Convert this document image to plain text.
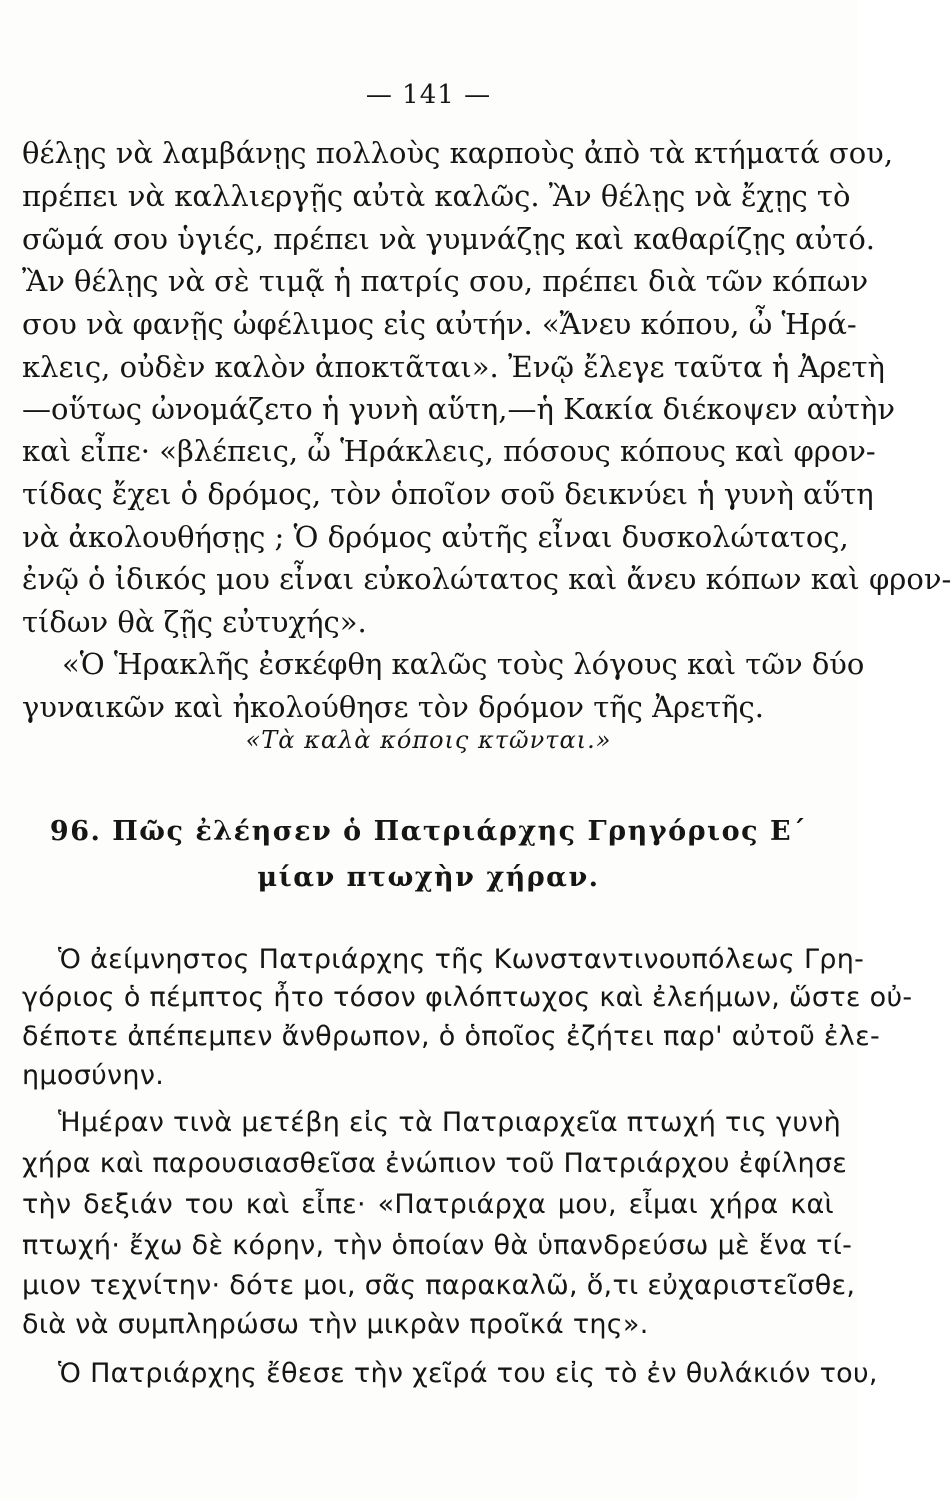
— 141 —
θέλῃς νὰ λαμβάνῃς πολλοὺς καρποὺς ἀπὸ τὰ κτήματά σου,
πρέπει νὰ καλλιεργῇς αὐτὰ καλῶς. Ἂν θέλῃς νὰ ἔχῃς τὸ
σῶμά σου ὑγιές, πρέπει νὰ γυμνάζῃς καὶ καθαρίζῃς αὐτό.
Ἂν θέλῃς νὰ σὲ τιμᾷ ἡ πατρίς σου, πρέπει διὰ τῶν κόπων
σου νὰ φανῇς ὠφέλιμος εἰς αὐτήν. «Ἄνευ κόπου, ὦ Ἡρά-
κλεις, οὐδὲν καλὸν ἀποκτᾶται». Ἐνῷ ἔλεγε ταῦτα ἡ Ἀρετὴ
—οὕτως ὠνομάζετο ἡ γυνὴ αὕτη,—ἡ Κακία διέκοψεν αὐτὴν
καὶ εἶπε· «βλέπεις, ὦ Ἡράκλεις, πόσους κόπους καὶ φρον-
τίδας ἔχει ὁ δρόμος, τὸν ὁποῖον σοῦ δεικνύει ἡ γυνὴ αὕτη
νὰ ἀκολουθήσῃς ; Ὁ δρόμος αὐτῆς εἶναι δυσκολώτατος,
ἐνῷ ὁ ἰδικός μου εἶναι εὐκολώτατος καὶ ἄνευ κόπων καὶ φρον-
τίδων θὰ ζῇς εὐτυχής».
«Ὁ Ἡρακλῆς ἐσκέφθη καλῶς τοὺς λόγους καὶ τῶν δύο
γυναικῶν καὶ ἠκολούθησε τὸν δρόμον τῆς Ἀρετῆς.
«Τὰ καλὰ κόποις κτῶνται.»
96. Πῶς ἐλέησεν ὁ Πατριάρχης Γρηγόριος Ε΄
μίαν πτωχὴν χήραν.
Ὁ ἀείμνηστος Πατριάρχης τῆς Κωνσταντινουπόλεως Γρη-
γόριος ὁ πέμπτος ἦτο τόσον φιλόπτωχος καὶ ἐλεήμων, ὥστε οὐ-
δέποτε ἀπέπεμπεν ἄνθρωπον, ὁ ὁποῖος ἐζήτει παρ' αὐτοῦ ἐλε-
ημοσύνην.
Ἡμέραν τινὰ μετέβη εἰς τὰ Πατριαρχεῖα πτωχή τις γυνὴ
χήρα καὶ παρουσιασθεῖσα ἐνώπιον τοῦ Πατριάρχου ἐφίλησε
τὴν δεξιάν του καὶ εἶπε· «Πατριάρχα μου, εἶμαι χήρα καὶ
πτωχή· ἔχω δὲ κόρην, τὴν ὁποίαν θὰ ὑπανδρεύσω μὲ ἕνα τί-
μιον τεχνίτην· δότε μοι, σᾶς παρακαλῶ, ὅ,τι εὐχαριστεῖσθε,
διὰ νὰ συμπληρώσω τὴν μικρὰν προῖκά της».
Ὁ Πατριάρχης ἔθεσε τὴν χεῖρά του εἰς τὸ ἐν θυλάκιόν του,
